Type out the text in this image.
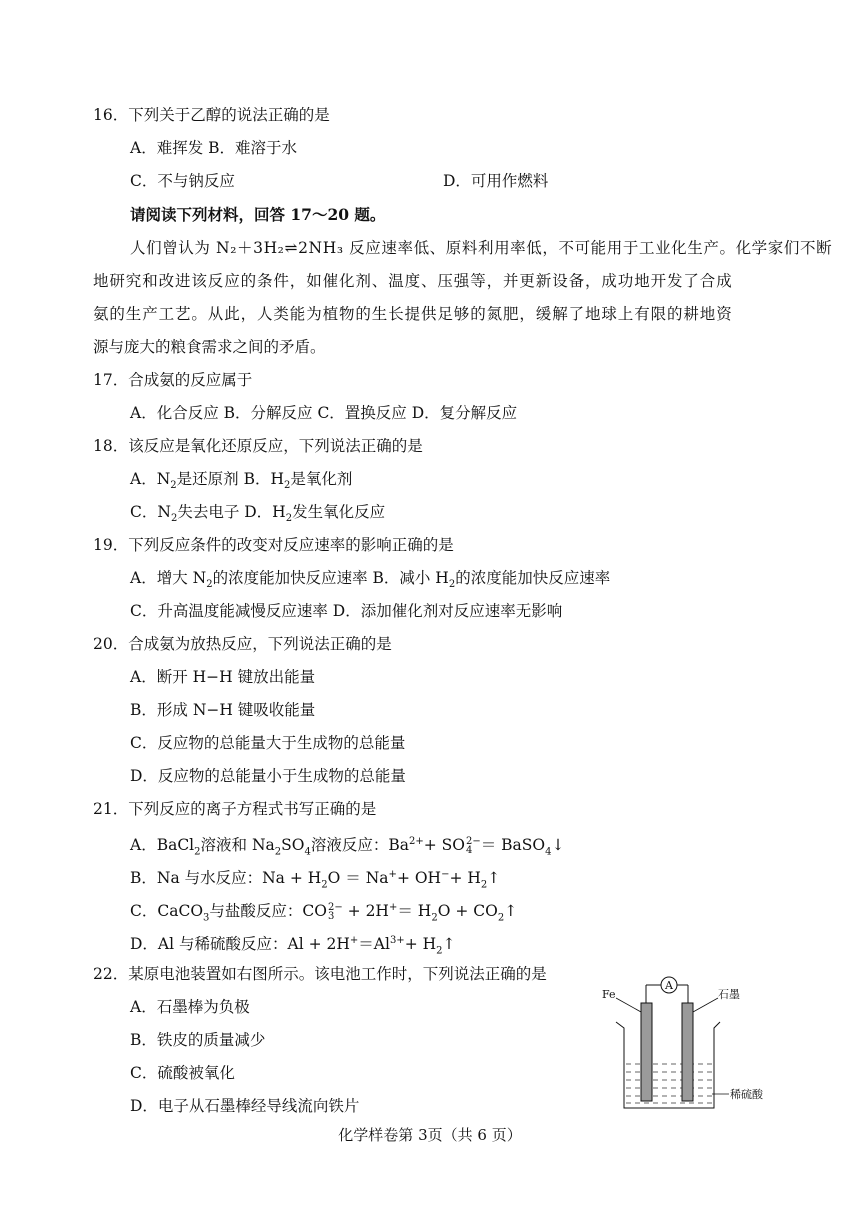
16．下列关于乙醇的说法正确的是
A．难挥发 B．难溶于水
C．不与钠反应	D．可用作燃料
请阅读下列材料，回答 17～20 题。
人们曾认为 N₂＋3H₂⇌2NH₃ 反应速率低、原料利用率低，不可能用于工业化生产。化学家们不断
地研究和改进该反应的条件，如催化剂、温度、压强等，并更新设备，成功地开发了合成
氨的生产工艺。从此，人类能为植物的生长提供足够的氮肥，缓解了地球上有限的耕地资
源与庞大的粮食需求之间的矛盾。
17．合成氨的反应属于
A．化合反应 B．分解反应 C．置换反应 D．复分解反应
18．该反应是氧化还原反应，下列说法正确的是
A．$N_2$是还原剂 B．$H_2$是氧化剂
C．$N_2$失去电子 D．$H_2$发生氧化反应
19．下列反应条件的改变对反应速率的影响正确的是
A．增大 $N_2$的浓度能加快反应速率 B．减小 $H_2$的浓度能加快反应速率
C．升高温度能减慢反应速率 D．添加催化剂对反应速率无影响
20．合成氨为放热反应，下列说法正确的是
A．断开 H−H 键放出能量
B．形成 N−H 键吸收能量
C．反应物的总能量大于生成物的总能量
D．反应物的总能量小于生成物的总能量
21．下列反应的离子方程式书写正确的是
A．BaCl$_2$溶液和 $Na_2SO_4$溶液反应：$Ba^{2+}+$ SO 2−
4 ＝ BaSO$_4$↓
B．Na 与水反应：$Na + H_2O = Na^++ OH^-+$ $H_2↑$
C．CaCO$_3$与盐酸反应：CO 2−
$3 + 2H^+= H_2O$ + $CO_2↑$
D．Al 与稀硫酸反应：$Al + 2H^+=Al^{3+}+$ $H_2↑$
22．某原电池装置如右图所示。该电池工作时，下列说法正确的是
A．石墨棒为负极
B．铁皮的质量减少
C．硫酸被氧化
D．电子从石墨棒经导线流向铁片
A
Fe	石墨
稀硫酸
化学样卷第 3页（共 6 页）
